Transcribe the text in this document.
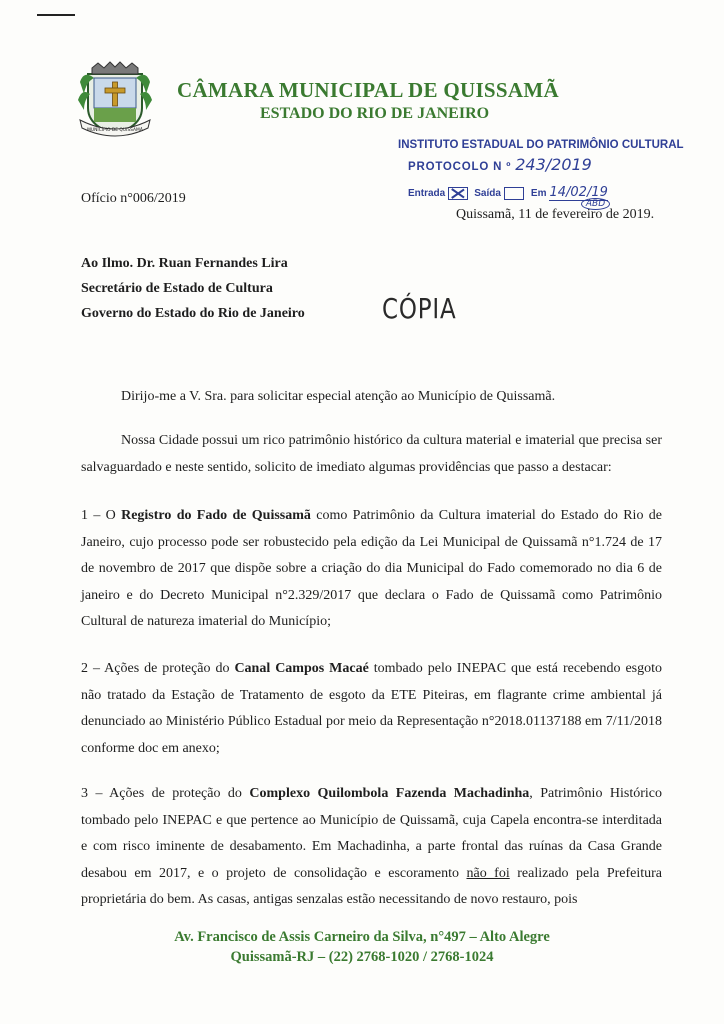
MUNICÍPIO DE QUISSAMÃ
CÂMARA MUNICIPAL DE QUISSAMÃ
ESTADO DO RIO DE JANEIRO
INSTITUTO ESTADUAL DO PATRIMÔNIO CULTURAL
PROTOCOLO N º 243/2019
Entrada	Saída	Em 14/02/19
ABD
Ofício n°006/2019
Quissamã, 11 de fevereiro de 2019.
Ao Ilmo. Dr. Ruan Fernandes Lira
Secretário de Estado de Cultura
Governo do Estado do Rio de Janeiro	CÓPIA

Dirijo-me a V. Sra. para solicitar especial atenção ao Município de Quissamã.

Nossa Cidade possui um rico patrimônio histórico da cultura material e imaterial que precisa ser salvaguardado e neste sentido, solicito de imediato algumas providências que passo a destacar:

1 – O Registro do Fado de Quissamã como Patrimônio da Cultura imaterial do Estado do Rio de Janeiro, cujo processo pode ser robustecido pela edição da Lei Municipal de Quissamã n°1.724 de 17 de novembro de 2017 que dispõe sobre a criação do dia Municipal do Fado comemorado no dia 6 de janeiro e do Decreto Municipal n°2.329/2017 que declara o Fado de Quissamã como Patrimônio Cultural de natureza imaterial do Município;

2 – Ações de proteção do Canal Campos Macaé tombado pelo INEPAC que está recebendo esgoto não tratado da Estação de Tratamento de esgoto da ETE Piteiras, em flagrante crime ambiental já denunciado ao Ministério Público Estadual por meio da Representação n°2018.01137188 em 7/11/2018 conforme doc em anexo;

3 – Ações de proteção do Complexo Quilombola Fazenda Machadinha, Patrimônio Histórico tombado pelo INEPAC e que pertence ao Município de Quissamã, cuja Capela encontra-se interditada e com risco iminente de desabamento. Em Machadinha, a parte frontal das ruínas da Casa Grande desabou em 2017, e o projeto de consolidação e escoramento não foi realizado pela Prefeitura proprietária do bem. As casas, antigas senzalas estão necessitando de novo restauro, pois

Av. Francisco de Assis Carneiro da Silva, n°497 – Alto Alegre
Quissamã-RJ – (22) 2768-1020 / 2768-1024
